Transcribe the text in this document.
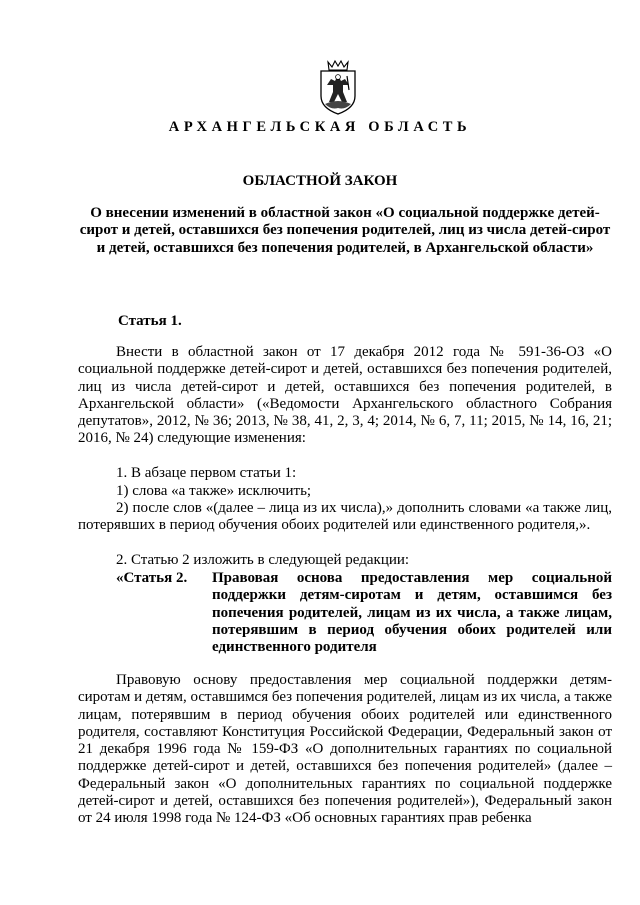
АРХАНГЕЛЬСКАЯ ОБЛАСТЬ
ОБЛАСТНОЙ ЗАКОН

О внесении изменений в областной закон «О социальной поддержке детей-сирот и детей, оставшихся без попечения родителей, лиц из числа детей-сирот и детей, оставшихся без попечения родителей, в Архангельской области»

Статья 1.

Внести в областной закон от 17 декабря 2012 года № 591-36-ОЗ «О социальной поддержке детей-сирот и детей, оставшихся без попечения родителей, лиц из числа детей-сирот и детей, оставшихся без попечения родителей, в Архангельской области» («Ведомости Архангельского областного Собрания депутатов», 2012, № 36; 2013, № 38, 41, 2, 3, 4; 2014, № 6, 7, 11; 2015, № 14, 16, 21; 2016, № 24) следующие изменения:

1. В абзаце первом статьи 1:

1) слова «а также» исключить;

2) после слов «(далее – лица из их числа),» дополнить словами «а также лиц, потерявших в период обучения обоих родителей или единственного родителя,».

2. Статью 2 изложить в следующей редакции:

«Статья 2. Правовая основа предоставления мер социальной поддержки детям-сиротам и детям, оставшимся без попечения родителей, лицам из их числа, а также лицам, потерявшим в период обучения обоих родителей или единственного родителя

Правовую основу предоставления мер социальной поддержки детям-сиротам и детям, оставшимся без попечения родителей, лицам из их числа, а также лицам, потерявшим в период обучения обоих родителей или единственного родителя, составляют Конституция Российской Федерации, Федеральный закон от 21 декабря 1996 года № 159-ФЗ «О дополнительных гарантиях по социальной поддержке детей-сирот и детей, оставшихся без попечения родителей» (далее – Федеральный закон «О дополнительных гарантиях по социальной поддержке детей-сирот и детей, оставшихся без попечения родителей»), Федеральный закон от 24 июля 1998 года № 124-ФЗ «Об основных гарантиях прав ребенка
